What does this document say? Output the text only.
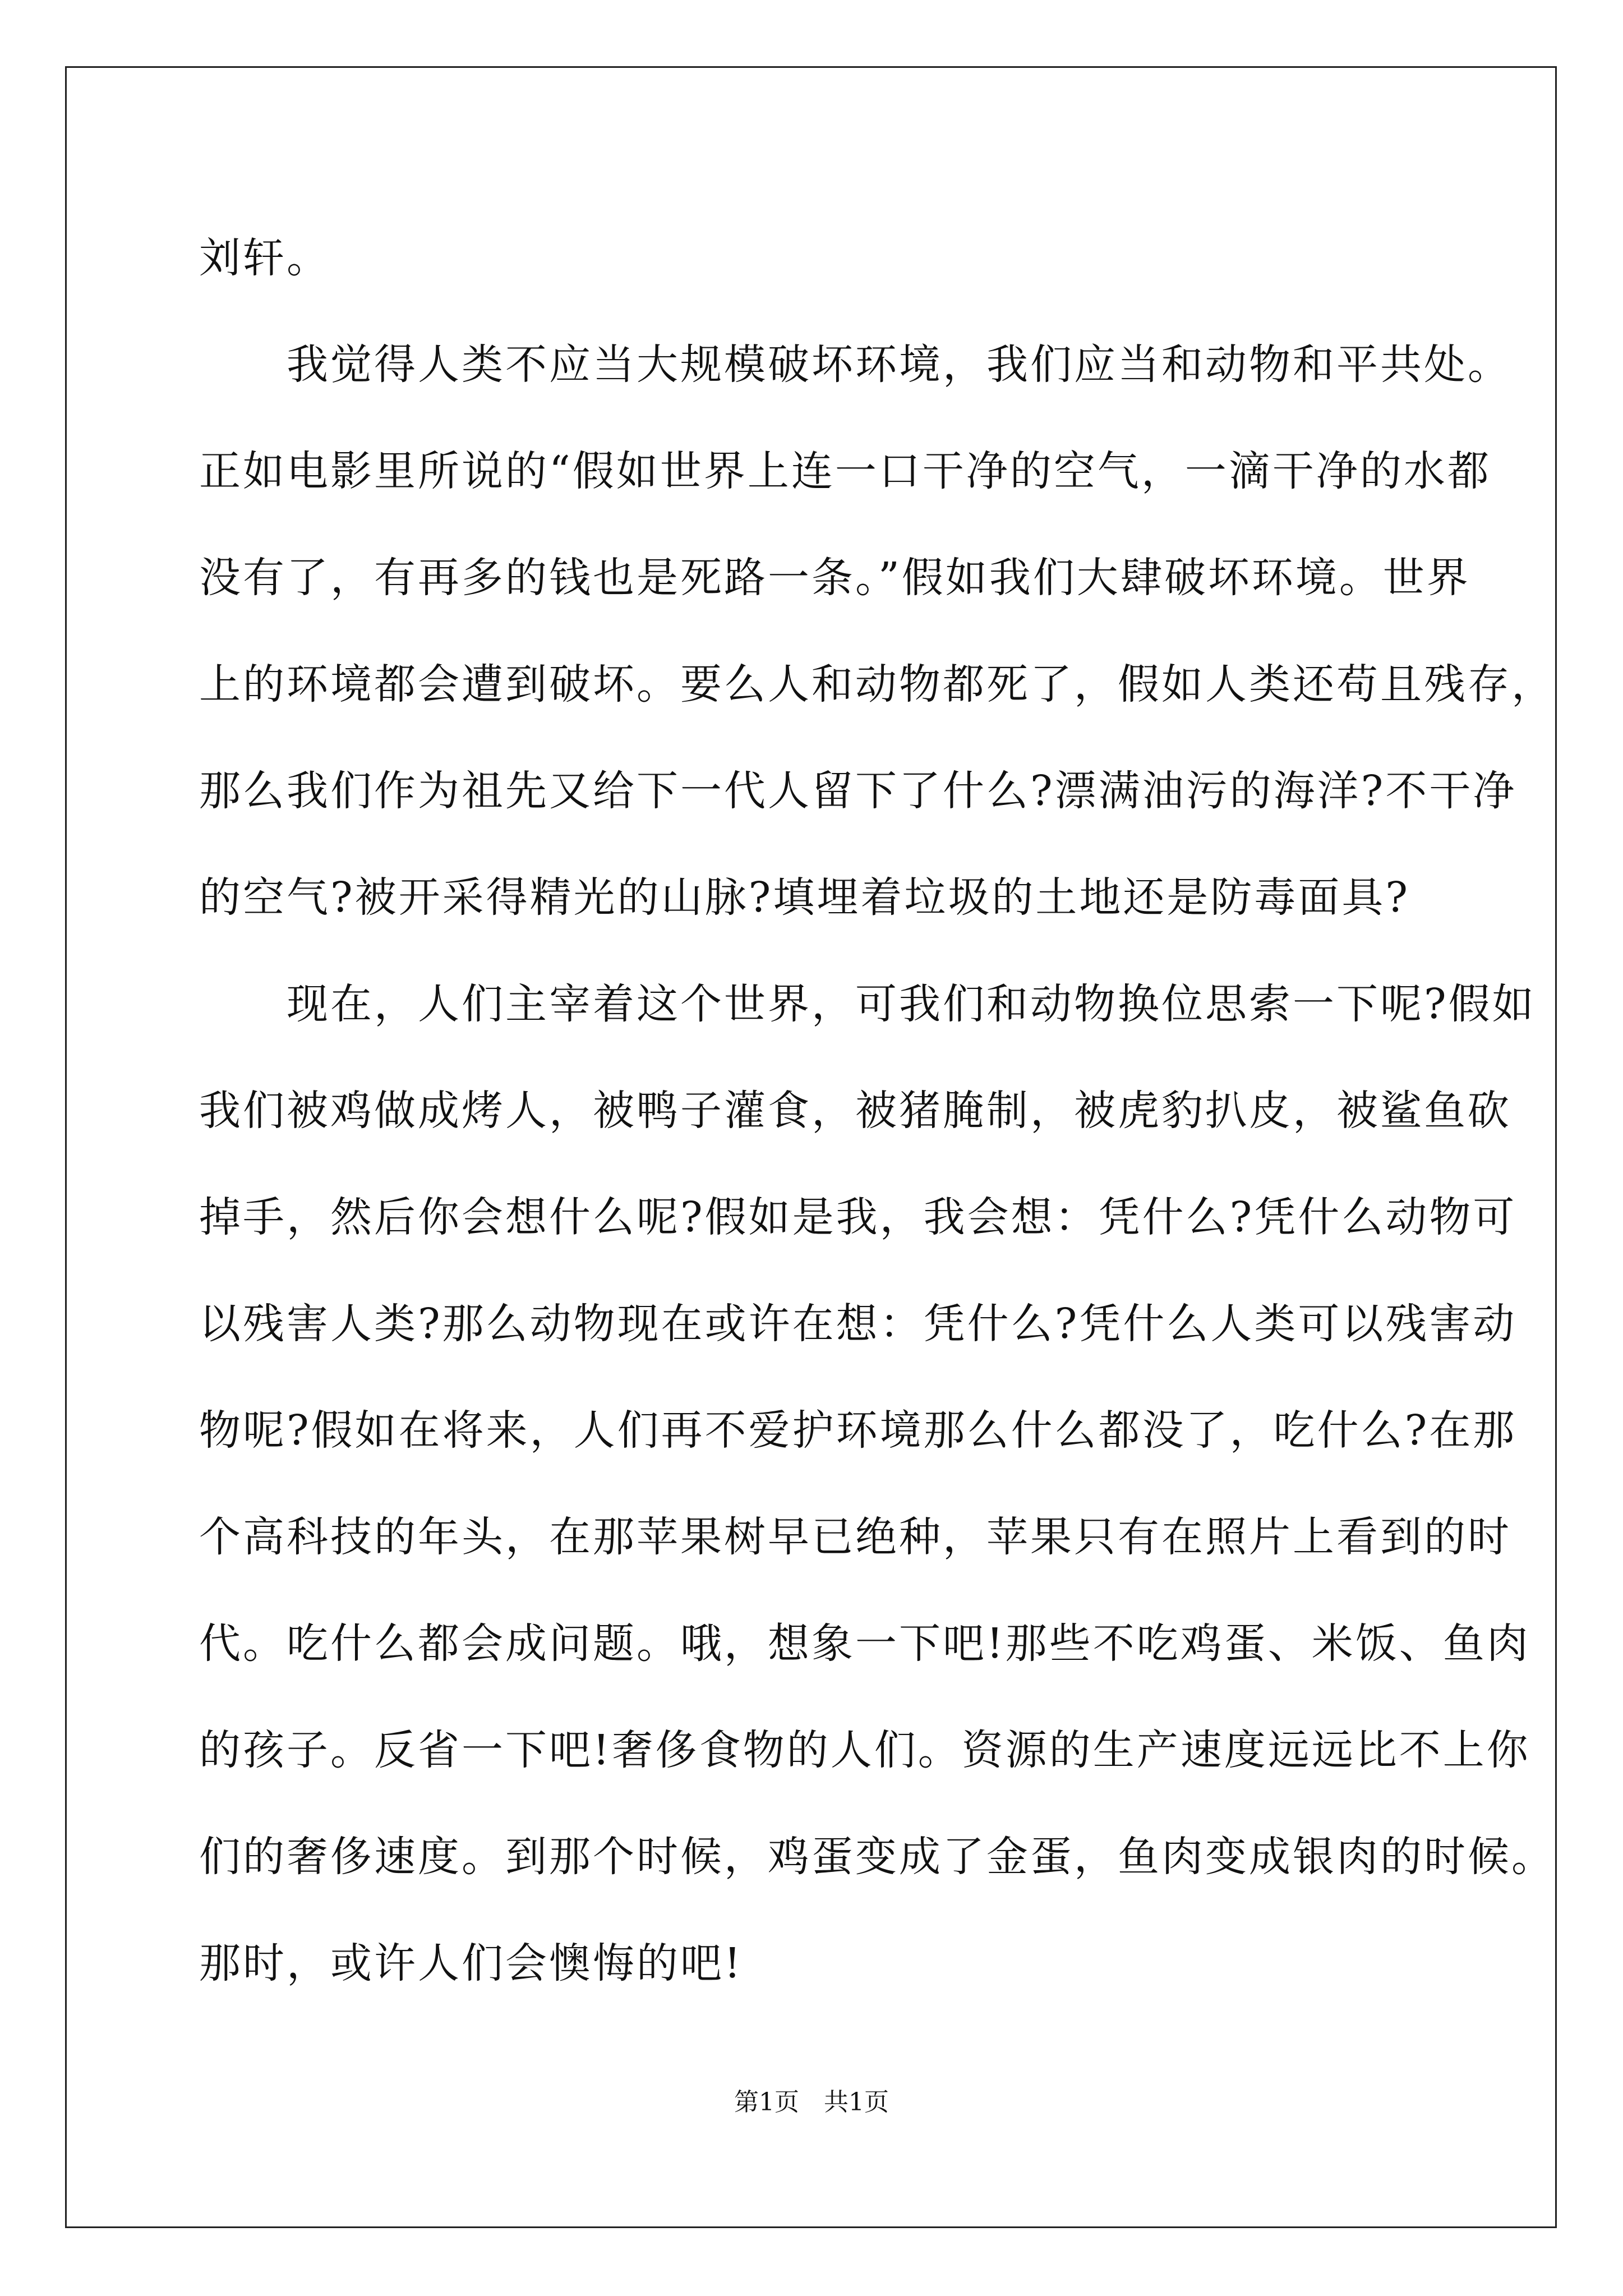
刘轩。
　　我觉得人类不应当大规模破坏环境，我们应当和动物和平共处。
正如电影里所说的“假如世界上连一口干净的空气，一滴干净的水都
没有了，有再多的钱也是死路一条。”假如我们大肆破坏环境。世界
上的环境都会遭到破坏。要么人和动物都死了，假如人类还苟且残存，
那么我们作为祖先又给下一代人留下了什么?漂满油污的海洋?不干净
的空气?被开采得精光的山脉?填埋着垃圾的土地还是防毒面具?
　　现在，人们主宰着这个世界，可我们和动物换位思索一下呢?假如
我们被鸡做成烤人，被鸭子灌食，被猪腌制，被虎豹扒皮，被鲨鱼砍
掉手，然后你会想什么呢?假如是我，我会想：凭什么?凭什么动物可
以残害人类?那么动物现在或许在想：凭什么?凭什么人类可以残害动
物呢?假如在将来，人们再不爱护环境那么什么都没了，吃什么?在那
个高科技的年头，在那苹果树早已绝种，苹果只有在照片上看到的时
代。吃什么都会成问题。哦，想象一下吧!那些不吃鸡蛋、米饭、鱼肉
的孩子。反省一下吧!奢侈食物的人们。资源的生产速度远远比不上你
们的奢侈速度。到那个时候，鸡蛋变成了金蛋，鱼肉变成银肉的时候。
那时，或许人们会懊悔的吧!
第1页　共1页
